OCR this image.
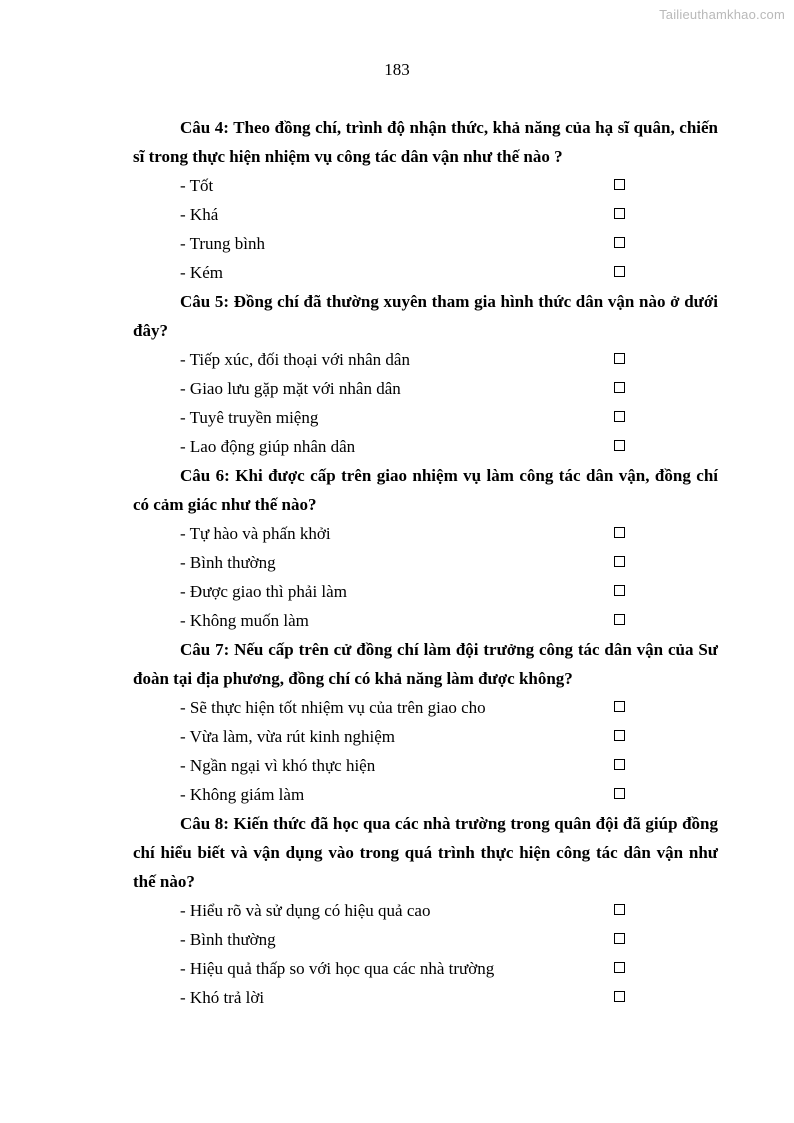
Tailieuthamkhao.com
183

Câu 4: Theo đồng chí, trình độ nhận thức, khả năng của hạ sĩ quân, chiến sĩ trong thực hiện nhiệm vụ công tác dân vận như thế nào ?

- Tốt
- Khá
- Trung bình
- Kém

Câu 5: Đồng chí đã thường xuyên tham gia hình thức dân vận nào ở dưới đây?

- Tiếp xúc, đối thoại với nhân dân
- Giao lưu gặp mặt với nhân dân
- Tuyê truyền miệng
- Lao động giúp nhân dân

Câu 6: Khi được cấp trên giao nhiệm vụ làm công tác dân vận, đồng chí có cảm giác như thế nào?

- Tự hào và phấn khởi
- Bình thường
- Được giao thì phải làm
- Không muốn làm

Câu 7: Nếu cấp trên cử đồng chí làm đội trưởng công tác dân vận của Sư đoàn tại địa phương, đồng chí có khả năng làm được không?

- Sẽ thực hiện tốt nhiệm vụ của trên giao cho
- Vừa làm, vừa rút kinh nghiệm
- Ngần ngại vì khó thực hiện
- Không giám làm

Câu 8: Kiến thức đã học qua các nhà trường trong quân đội đã giúp đồng chí hiểu biết và vận dụng vào trong quá trình thực hiện công tác dân vận như thế nào?

- Hiểu rõ và sử dụng có hiệu quả cao
- Bình thường
- Hiệu quả thấp so với học qua các nhà trường
- Khó trả lời
